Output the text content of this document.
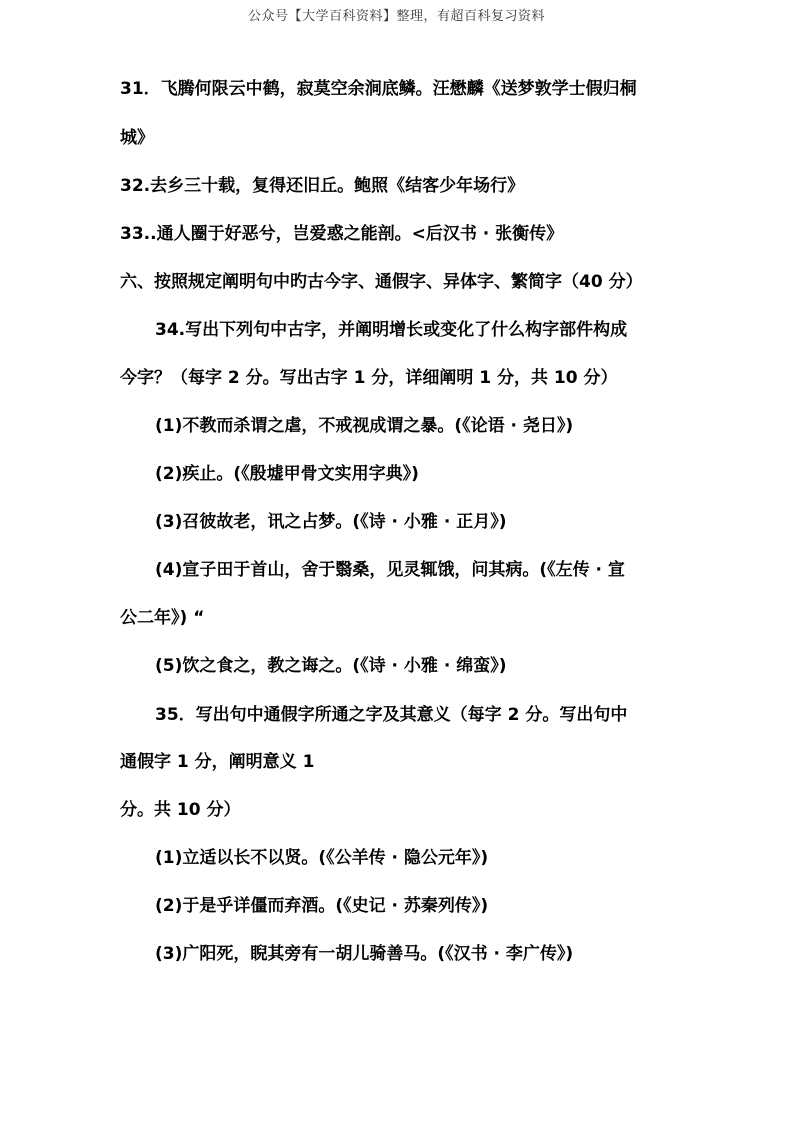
公众号【大学百科资料】整理，有超百科复习资料
31．飞腾何限云中鹤，寂莫空余涧底鳞。汪懋麟《送梦敦学士假归桐
城》
32.去乡三十载，复得还旧丘。鲍照《结客少年场行》
33..通人圈于好恶兮，岂爱惑之能剖。<后汉书 · 张衡传》
六、按照规定阐明句中旳古今字、通假字、异体字、繁简字（40 分）
34.写出下列句中古字，并阐明增长或变化了什么构字部件构成
今字？（每字 2 分。写出古字 1 分，详细阐明 1 分，共 10 分）
(1)不教而杀谓之虐，不戒视成谓之暴。(《论语 · 尧日》)
(2)疾止。(《殷墟甲骨文实用字典》)
(3)召彼故老，讯之占梦。(《诗 · 小雅 · 正月》)
(4)宣子田于首山，舍于翳桑，见灵辄饿，问其病。(《左传 · 宣
公二年》) “
(5)饮之食之，教之诲之。(《诗 · 小雅 · 绵蛮》)
35．写出句中通假字所通之字及其意义（每字 2 分。写出句中
通假字 1 分，阐明意义 1
分。共 10 分）
(1)立适以长不以贤。(《公羊传 · 隐公元年》)
(2)于是乎详僵而弃酒。(《史记 · 苏秦列传》)
(3)广阳死，睨其旁有一胡儿骑善马。(《汉书 · 李广传》)
